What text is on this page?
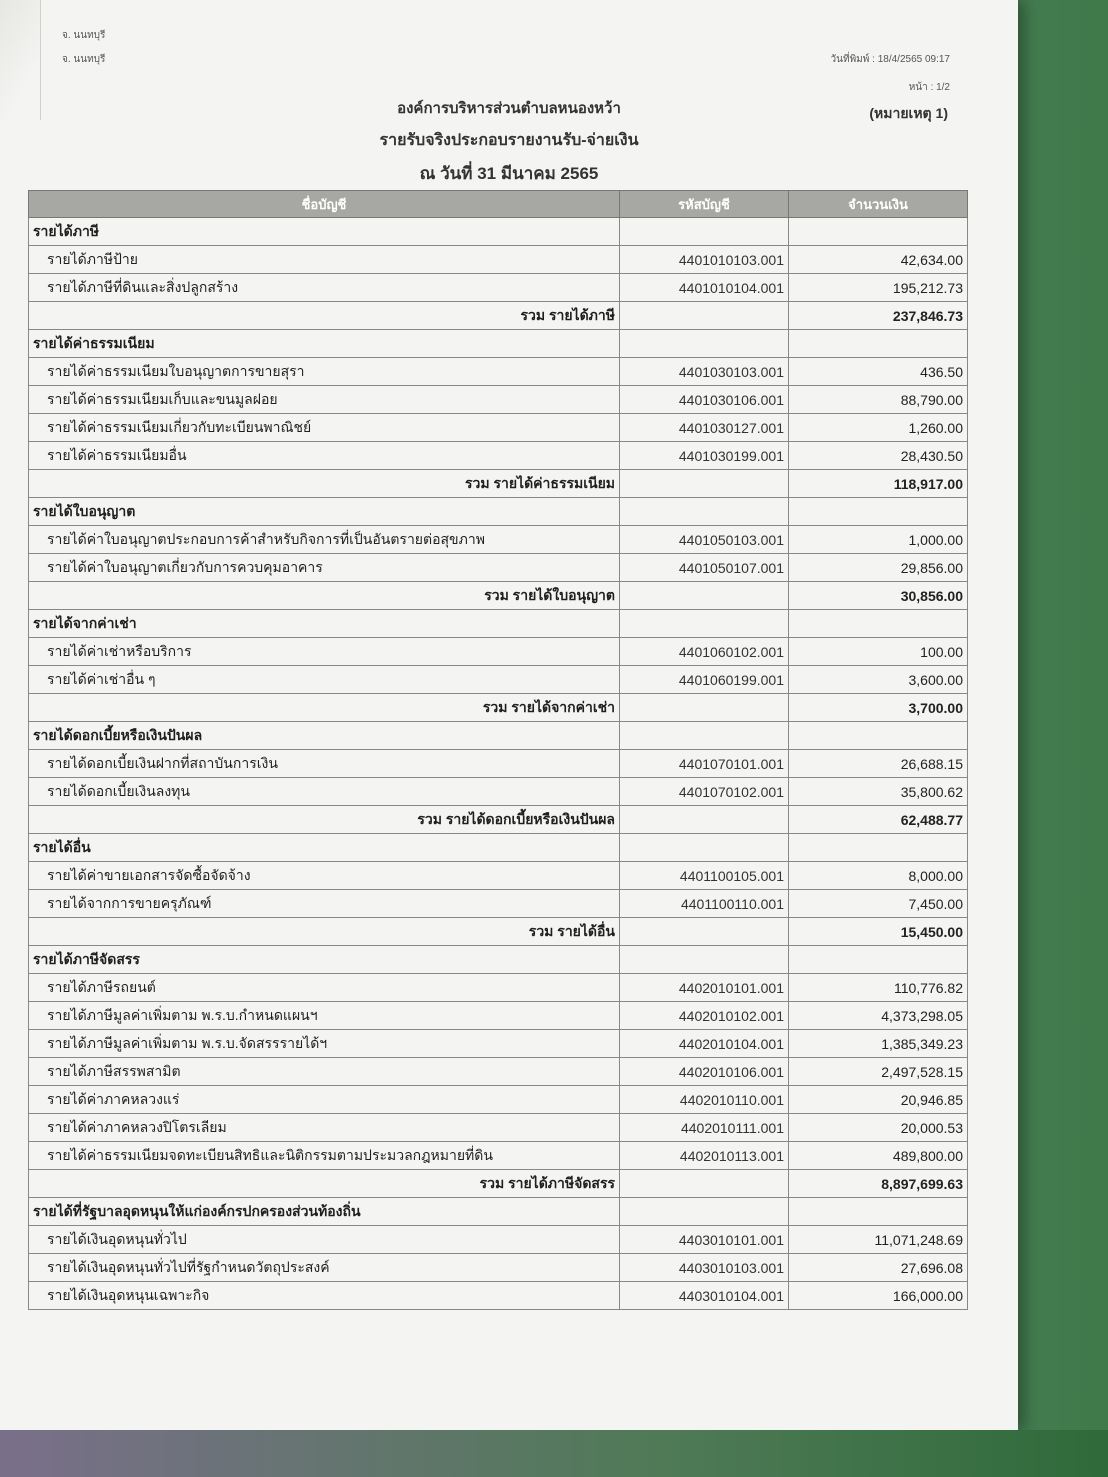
จ. นนทบุรี
จ. นนทบุรี	วันที่พิมพ์ : 18/4/2565 09:17
หน้า : 1/2
(หมายเหตุ 1)
องค์การบริหารส่วนตำบลหนองหว้า
รายรับจริงประกอบรายงานรับ-จ่ายเงิน
ณ วันที่ 31 มีนาคม 2565
ชื่อบัญชี	รหัสบัญชี	จำนวนเงิน
รายได้ภาษี		
รายได้ภาษีป้าย	4401010103.001	42,634.00
รายได้ภาษีที่ดินและสิ่งปลูกสร้าง	4401010104.001	195,212.73
รวม รายได้ภาษี		237,846.73
รายได้ค่าธรรมเนียม		
รายได้ค่าธรรมเนียมใบอนุญาตการขายสุรา	4401030103.001	436.50
รายได้ค่าธรรมเนียมเก็บและขนมูลฝอย	4401030106.001	88,790.00
รายได้ค่าธรรมเนียมเกี่ยวกับทะเบียนพาณิชย์	4401030127.001	1,260.00
รายได้ค่าธรรมเนียมอื่น	4401030199.001	28,430.50
รวม รายได้ค่าธรรมเนียม		118,917.00
รายได้ใบอนุญาต		
รายได้ค่าใบอนุญาตประกอบการค้าสำหรับกิจการที่เป็นอันตรายต่อสุขภาพ	4401050103.001	1,000.00
รายได้ค่าใบอนุญาตเกี่ยวกับการควบคุมอาคาร	4401050107.001	29,856.00
รวม รายได้ใบอนุญาต		30,856.00
รายได้จากค่าเช่า		
รายได้ค่าเช่าหรือบริการ	4401060102.001	100.00
รายได้ค่าเช่าอื่น ๆ	4401060199.001	3,600.00
รวม รายได้จากค่าเช่า		3,700.00
รายได้ดอกเบี้ยหรือเงินปันผล		
รายได้ดอกเบี้ยเงินฝากที่สถาบันการเงิน	4401070101.001	26,688.15
รายได้ดอกเบี้ยเงินลงทุน	4401070102.001	35,800.62
รวม รายได้ดอกเบี้ยหรือเงินปันผล		62,488.77
รายได้อื่น		
รายได้ค่าขายเอกสารจัดซื้อจัดจ้าง	4401100105.001	8,000.00
รายได้จากการขายครุภัณฑ์	4401100110.001	7,450.00
รวม รายได้อื่น		15,450.00
รายได้ภาษีจัดสรร		
รายได้ภาษีรถยนต์	4402010101.001	110,776.82
รายได้ภาษีมูลค่าเพิ่มตาม พ.ร.บ.กำหนดแผนฯ	4402010102.001	4,373,298.05
รายได้ภาษีมูลค่าเพิ่มตาม พ.ร.บ.จัดสรรรายได้ฯ	4402010104.001	1,385,349.23
รายได้ภาษีสรรพสามิต	4402010106.001	2,497,528.15
รายได้ค่าภาคหลวงแร่	4402010110.001	20,946.85
รายได้ค่าภาคหลวงปิโตรเลียม	4402010111.001	20,000.53
รายได้ค่าธรรมเนียมจดทะเบียนสิทธิและนิติกรรมตามประมวลกฎหมายที่ดิน	4402010113.001	489,800.00
รวม รายได้ภาษีจัดสรร		8,897,699.63
รายได้ที่รัฐบาลอุดหนุนให้แก่องค์กรปกครองส่วนท้องถิ่น		
รายได้เงินอุดหนุนทั่วไป	4403010101.001	11,071,248.69
รายได้เงินอุดหนุนทั่วไปที่รัฐกำหนดวัตถุประสงค์	4403010103.001	27,696.08
รายได้เงินอุดหนุนเฉพาะกิจ	4403010104.001	166,000.00
